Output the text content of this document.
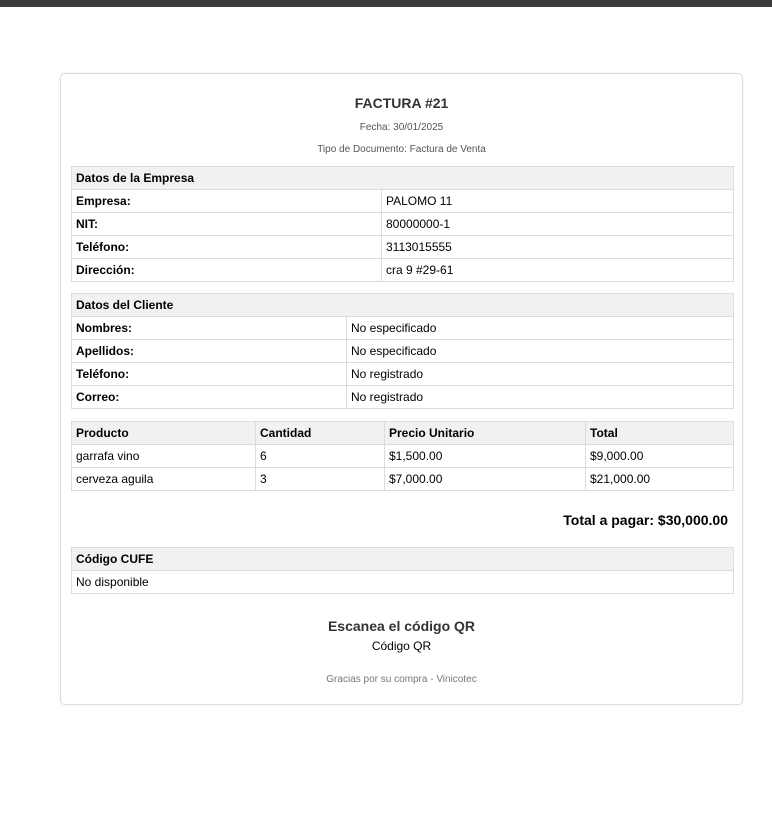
FACTURA #21
Fecha: 30/01/2025
Tipo de Documento: Factura de Venta
Datos de la Empresa	
Empresa:	PALOMO 11
NIT:	80000000-1
Teléfono:	3113015555
Dirección:	cra 9 #29-61
Datos del Cliente	
Nombres:	No especificado
Apellidos:	No especificado
Teléfono:	No registrado
Correo:	No registrado
Producto	Cantidad	Precio Unitario	Total
garrafa vino	6	$1,500.00	$9,000.00
cerveza aguila	3	$7,000.00	$21,000.00
Total a pagar: $30,000.00
Código CUFE
No disponible
Escanea el código QR
Código QR
Gracias por su compra - Vinicotec
